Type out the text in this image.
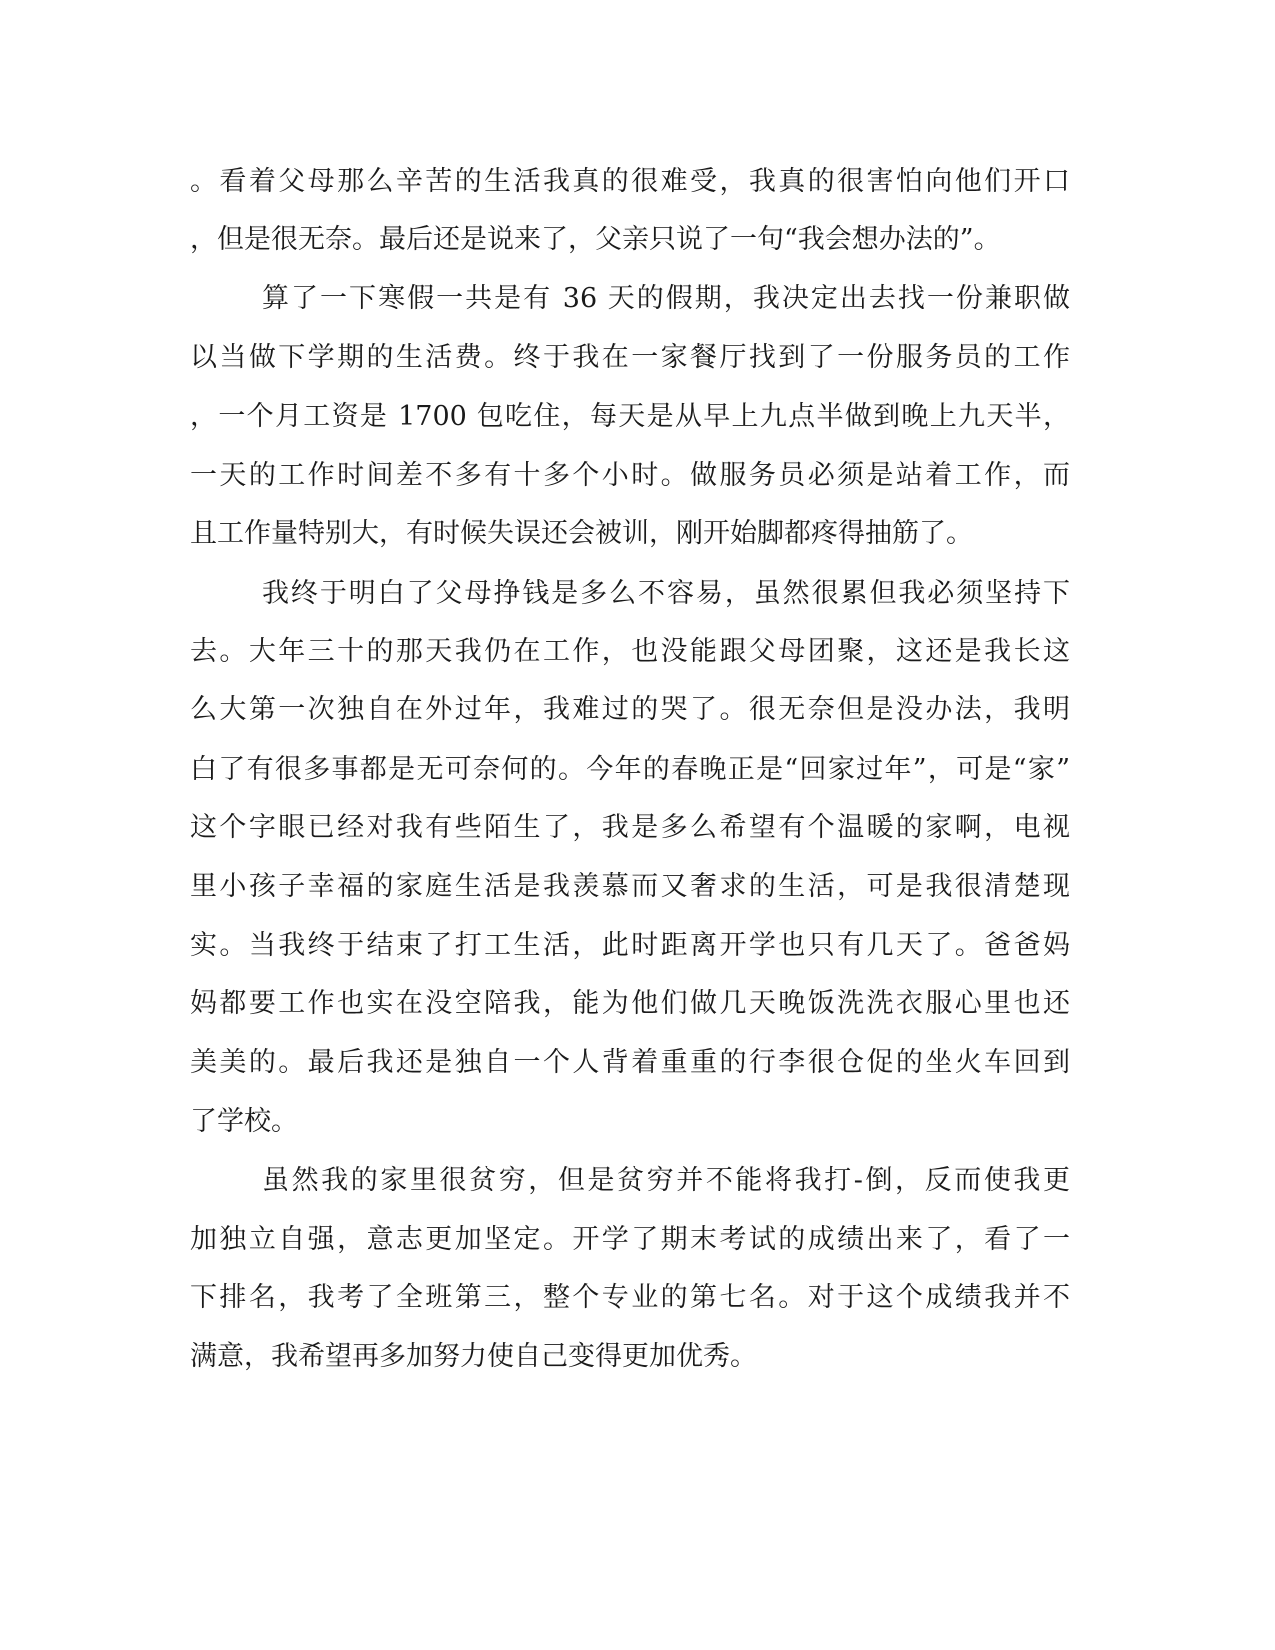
。看着父母那么辛苦的生活我真的很难受，我真的很害怕向他们开口
，但是很无奈。最后还是说来了，父亲只说了一句“我会想办法的”。
算了一下寒假一共是有 36 天的假期，我决定出去找一份兼职做
以当做下学期的生活费。终于我在一家餐厅找到了一份服务员的工作
，一个月工资是 1700 包吃住，每天是从早上九点半做到晚上九天半，
一天的工作时间差不多有十多个小时。做服务员必须是站着工作，而
且工作量特别大，有时候失误还会被训，刚开始脚都疼得抽筋了。
我终于明白了父母挣钱是多么不容易，虽然很累但我必须坚持下
去。大年三十的那天我仍在工作，也没能跟父母团聚，这还是我长这
么大第一次独自在外过年，我难过的哭了。很无奈但是没办法，我明
白了有很多事都是无可奈何的。今年的春晚正是“回家过年”，可是“家”
这个字眼已经对我有些陌生了，我是多么希望有个温暖的家啊，电视
里小孩子幸福的家庭生活是我羡慕而又奢求的生活，可是我很清楚现
实。当我终于结束了打工生活，此时距离开学也只有几天了。爸爸妈
妈都要工作也实在没空陪我，能为他们做几天晚饭洗洗衣服心里也还
美美的。最后我还是独自一个人背着重重的行李很仓促的坐火车回到
了学校。
虽然我的家里很贫穷，但是贫穷并不能将我打-倒，反而使我更
加独立自强，意志更加坚定。开学了期末考试的成绩出来了，看了一
下排名，我考了全班第三，整个专业的第七名。对于这个成绩我并不
满意，我希望再多加努力使自己变得更加优秀。
